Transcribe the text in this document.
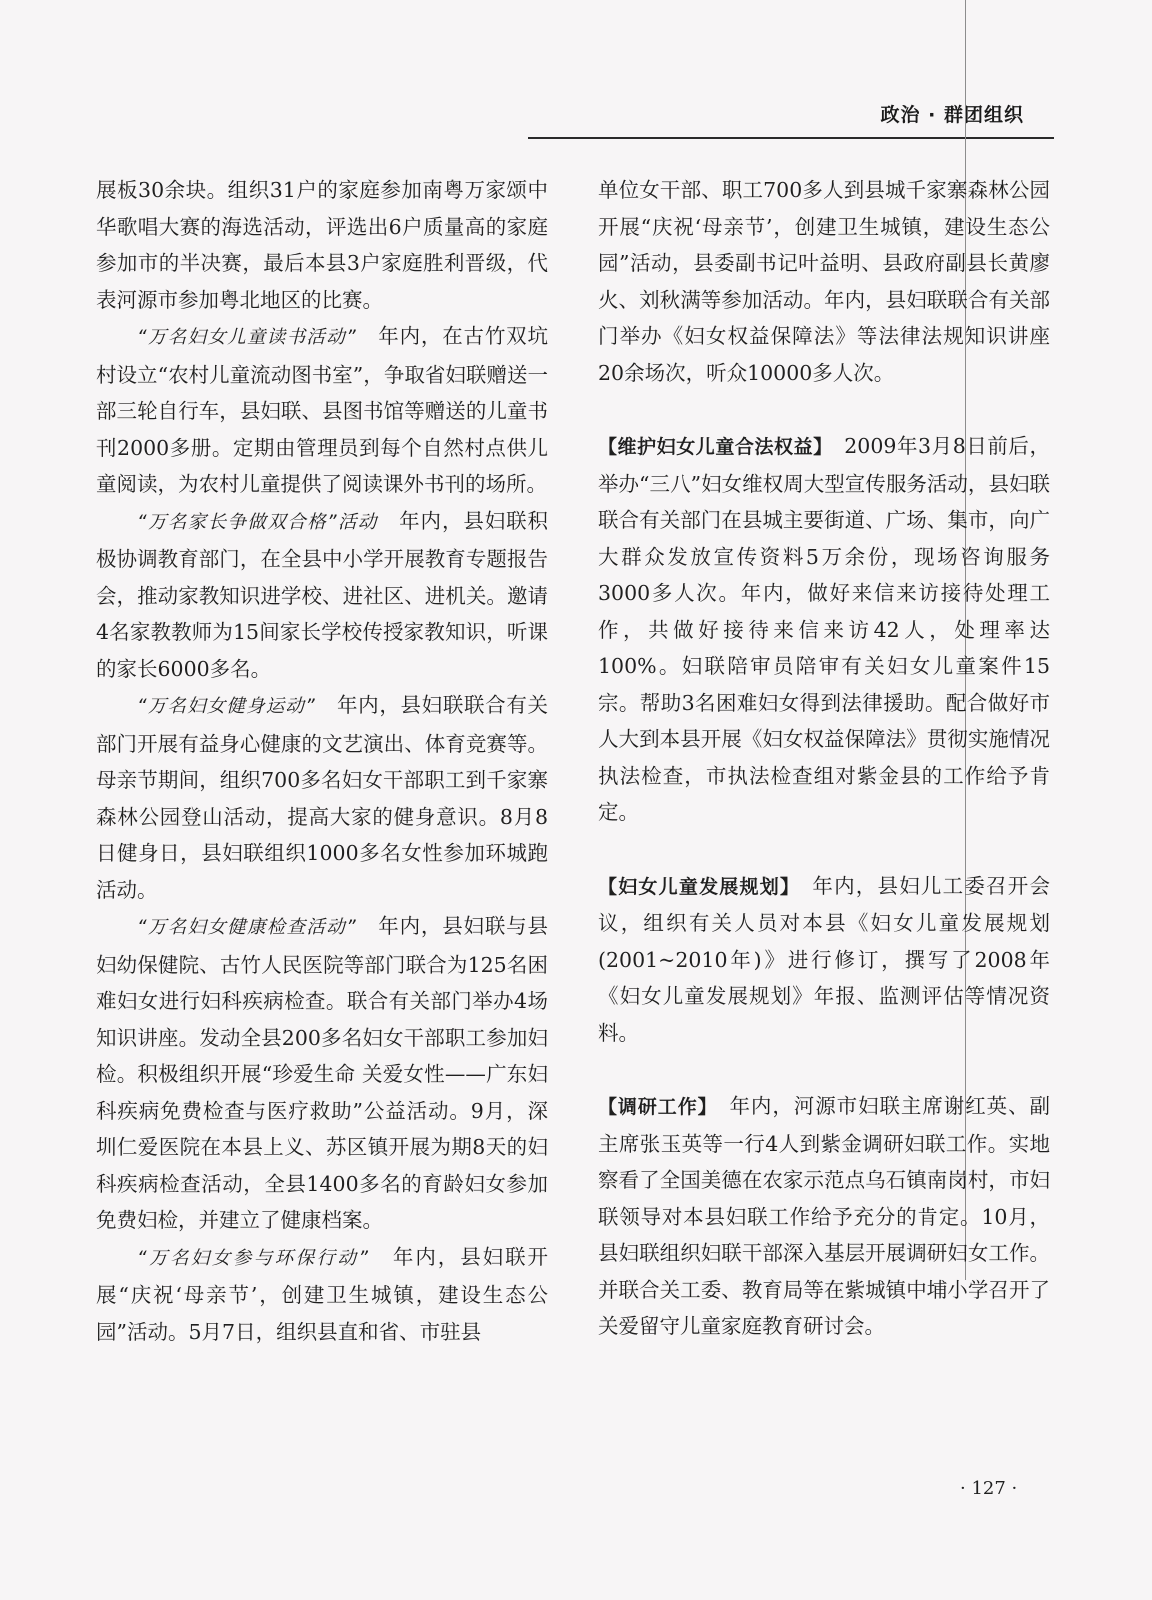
政治 · 群团组织

展板30余块。组织31户的家庭参加南粤万家颂中华歌唱大赛的海选活动，评选出6户质量高的家庭参加市的半决赛，最后本县3户家庭胜利晋级，代表河源市参加粤北地区的比赛。

“万名妇女儿童读书活动”　年内，在古竹双坑村设立“农村儿童流动图书室”，争取省妇联赠送一部三轮自行车，县妇联、县图书馆等赠送的儿童书刊2000多册。定期由管理员到每个自然村点供儿童阅读，为农村儿童提供了阅读课外书刊的场所。

“万名家长争做双合格”活动　年内，县妇联积极协调教育部门，在全县中小学开展教育专题报告会，推动家教知识进学校、进社区、进机关。邀请4名家教教师为15间家长学校传授家教知识，听课的家长6000多名。

“万名妇女健身运动”　年内，县妇联联合有关部门开展有益身心健康的文艺演出、体育竞赛等。母亲节期间，组织700多名妇女干部职工到千家寨森林公园登山活动，提高大家的健身意识。8月8日健身日，县妇联组织1000多名女性参加环城跑活动。

“万名妇女健康检查活动”　年内，县妇联与县妇幼保健院、古竹人民医院等部门联合为125名困难妇女进行妇科疾病检查。联合有关部门举办4场知识讲座。发动全县200多名妇女干部职工参加妇检。积极组织开展“珍爱生命 关爱女性——广东妇科疾病免费检查与医疗救助”公益活动。9月，深圳仁爱医院在本县上义、苏区镇开展为期8天的妇科疾病检查活动，全县1400多名的育龄妇女参加免费妇检，并建立了健康档案。

“万名妇女参与环保行动”　年内，县妇联开展“庆祝‘母亲节’，创建卫生城镇，建设生态公园”活动。5月7日，组织县直和省、市驻县

单位女干部、职工700多人到县城千家寨森林公园开展“庆祝‘母亲节’，创建卫生城镇，建设生态公园”活动，县委副书记叶益明、县政府副县长黄廖火、刘秋满等参加活动。年内，县妇联联合有关部门举办《妇女权益保障法》等法律法规知识讲座20余场次，听众10000多人次。

【维护妇女儿童合法权益】　2009年3月8日前后，举办“三八”妇女维权周大型宣传服务活动，县妇联联合有关部门在县城主要街道、广场、集市，向广大群众发放宣传资料5万余份，现场咨询服务3000多人次。年内，做好来信来访接待处理工作，共做好接待来信来访42人，处理率达100%。妇联陪审员陪审有关妇女儿童案件15宗。帮助3名困难妇女得到法律援助。配合做好市人大到本县开展《妇女权益保障法》贯彻实施情况执法检查，市执法检查组对紫金县的工作给予肯定。

【妇女儿童发展规划】　年内，县妇儿工委召开会议，组织有关人员对本县《妇女儿童发展规划(2001~2010年)》进行修订，撰写了2008年《妇女儿童发展规划》年报、监测评估等情况资料。

【调研工作】　年内，河源市妇联主席谢红英、副主席张玉英等一行4人到紫金调研妇联工作。实地察看了全国美德在农家示范点乌石镇南岗村，市妇联领导对本县妇联工作给予充分的肯定。10月，县妇联组织妇联干部深入基层开展调研妇女工作。并联合关工委、教育局等在紫城镇中埔小学召开了关爱留守儿童家庭教育研讨会。

· 127 ·
